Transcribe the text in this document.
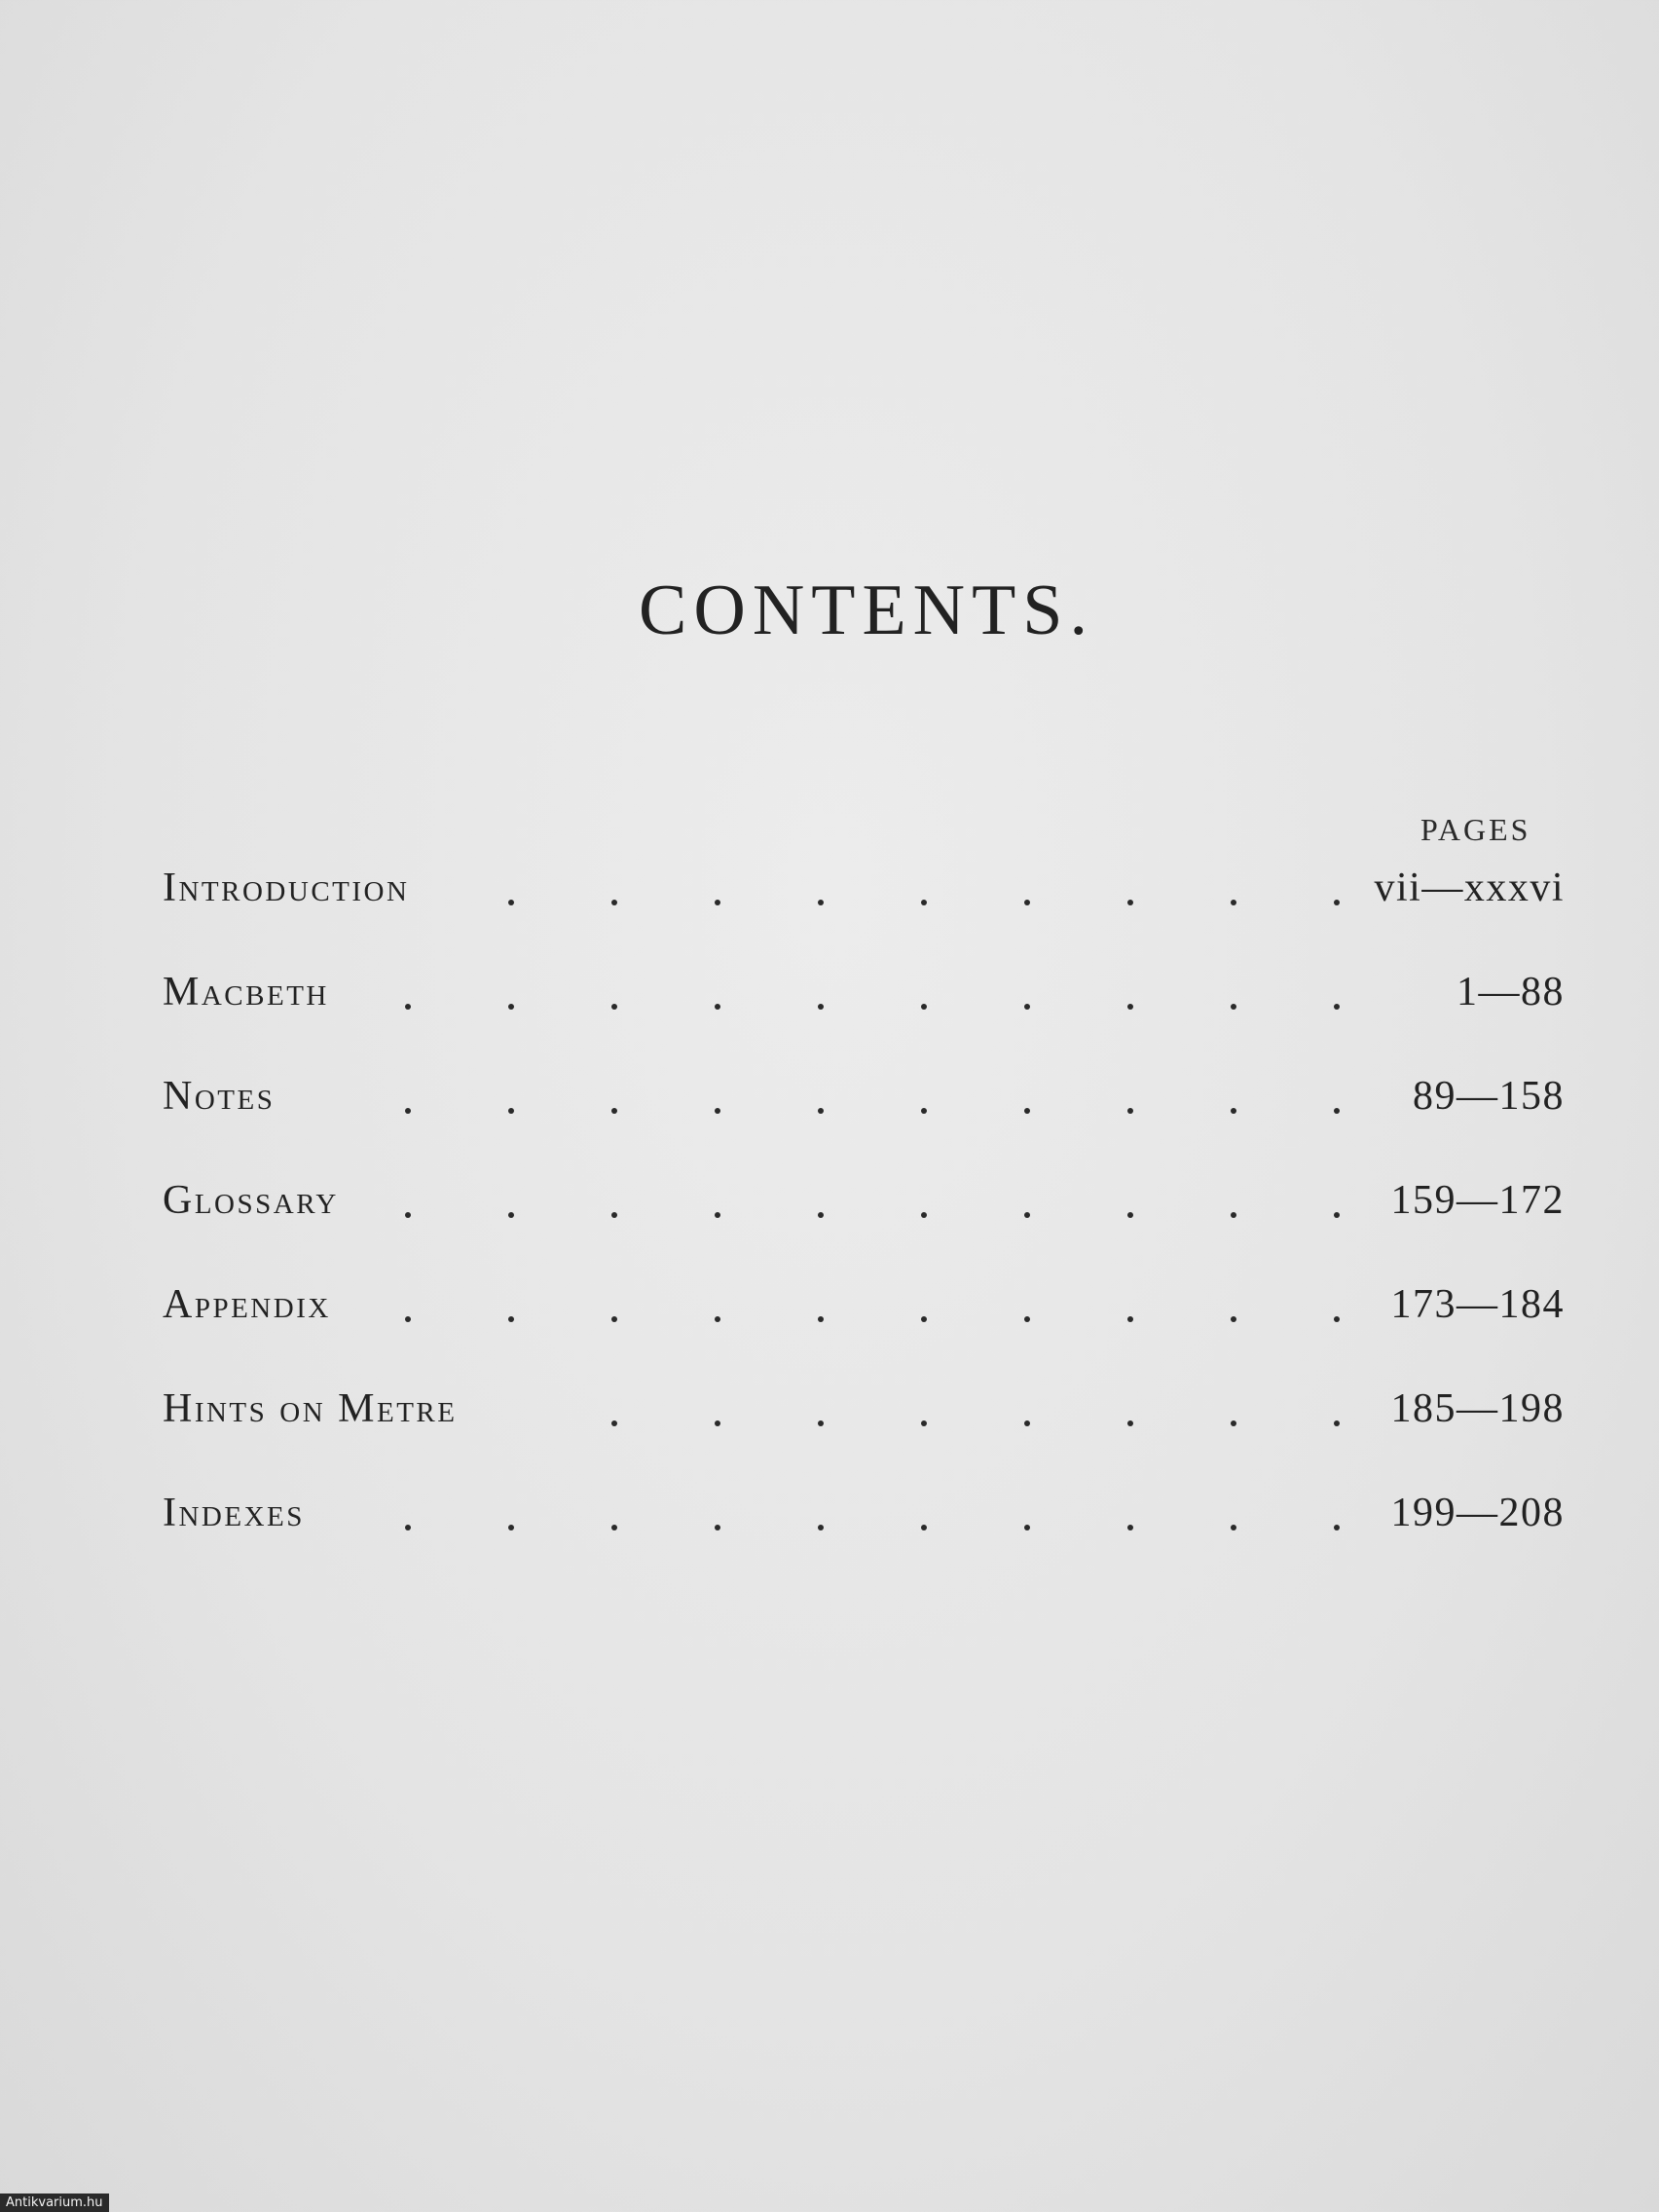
CONTENTS.
PAGES
Introduction	vii—xxxvi
Macbeth	1—88
Notes	89—158
Glossary	159—172
Appendix	173—184
Hints on Metre	185—198
Indexes	199—208
Antikvarium.hu
